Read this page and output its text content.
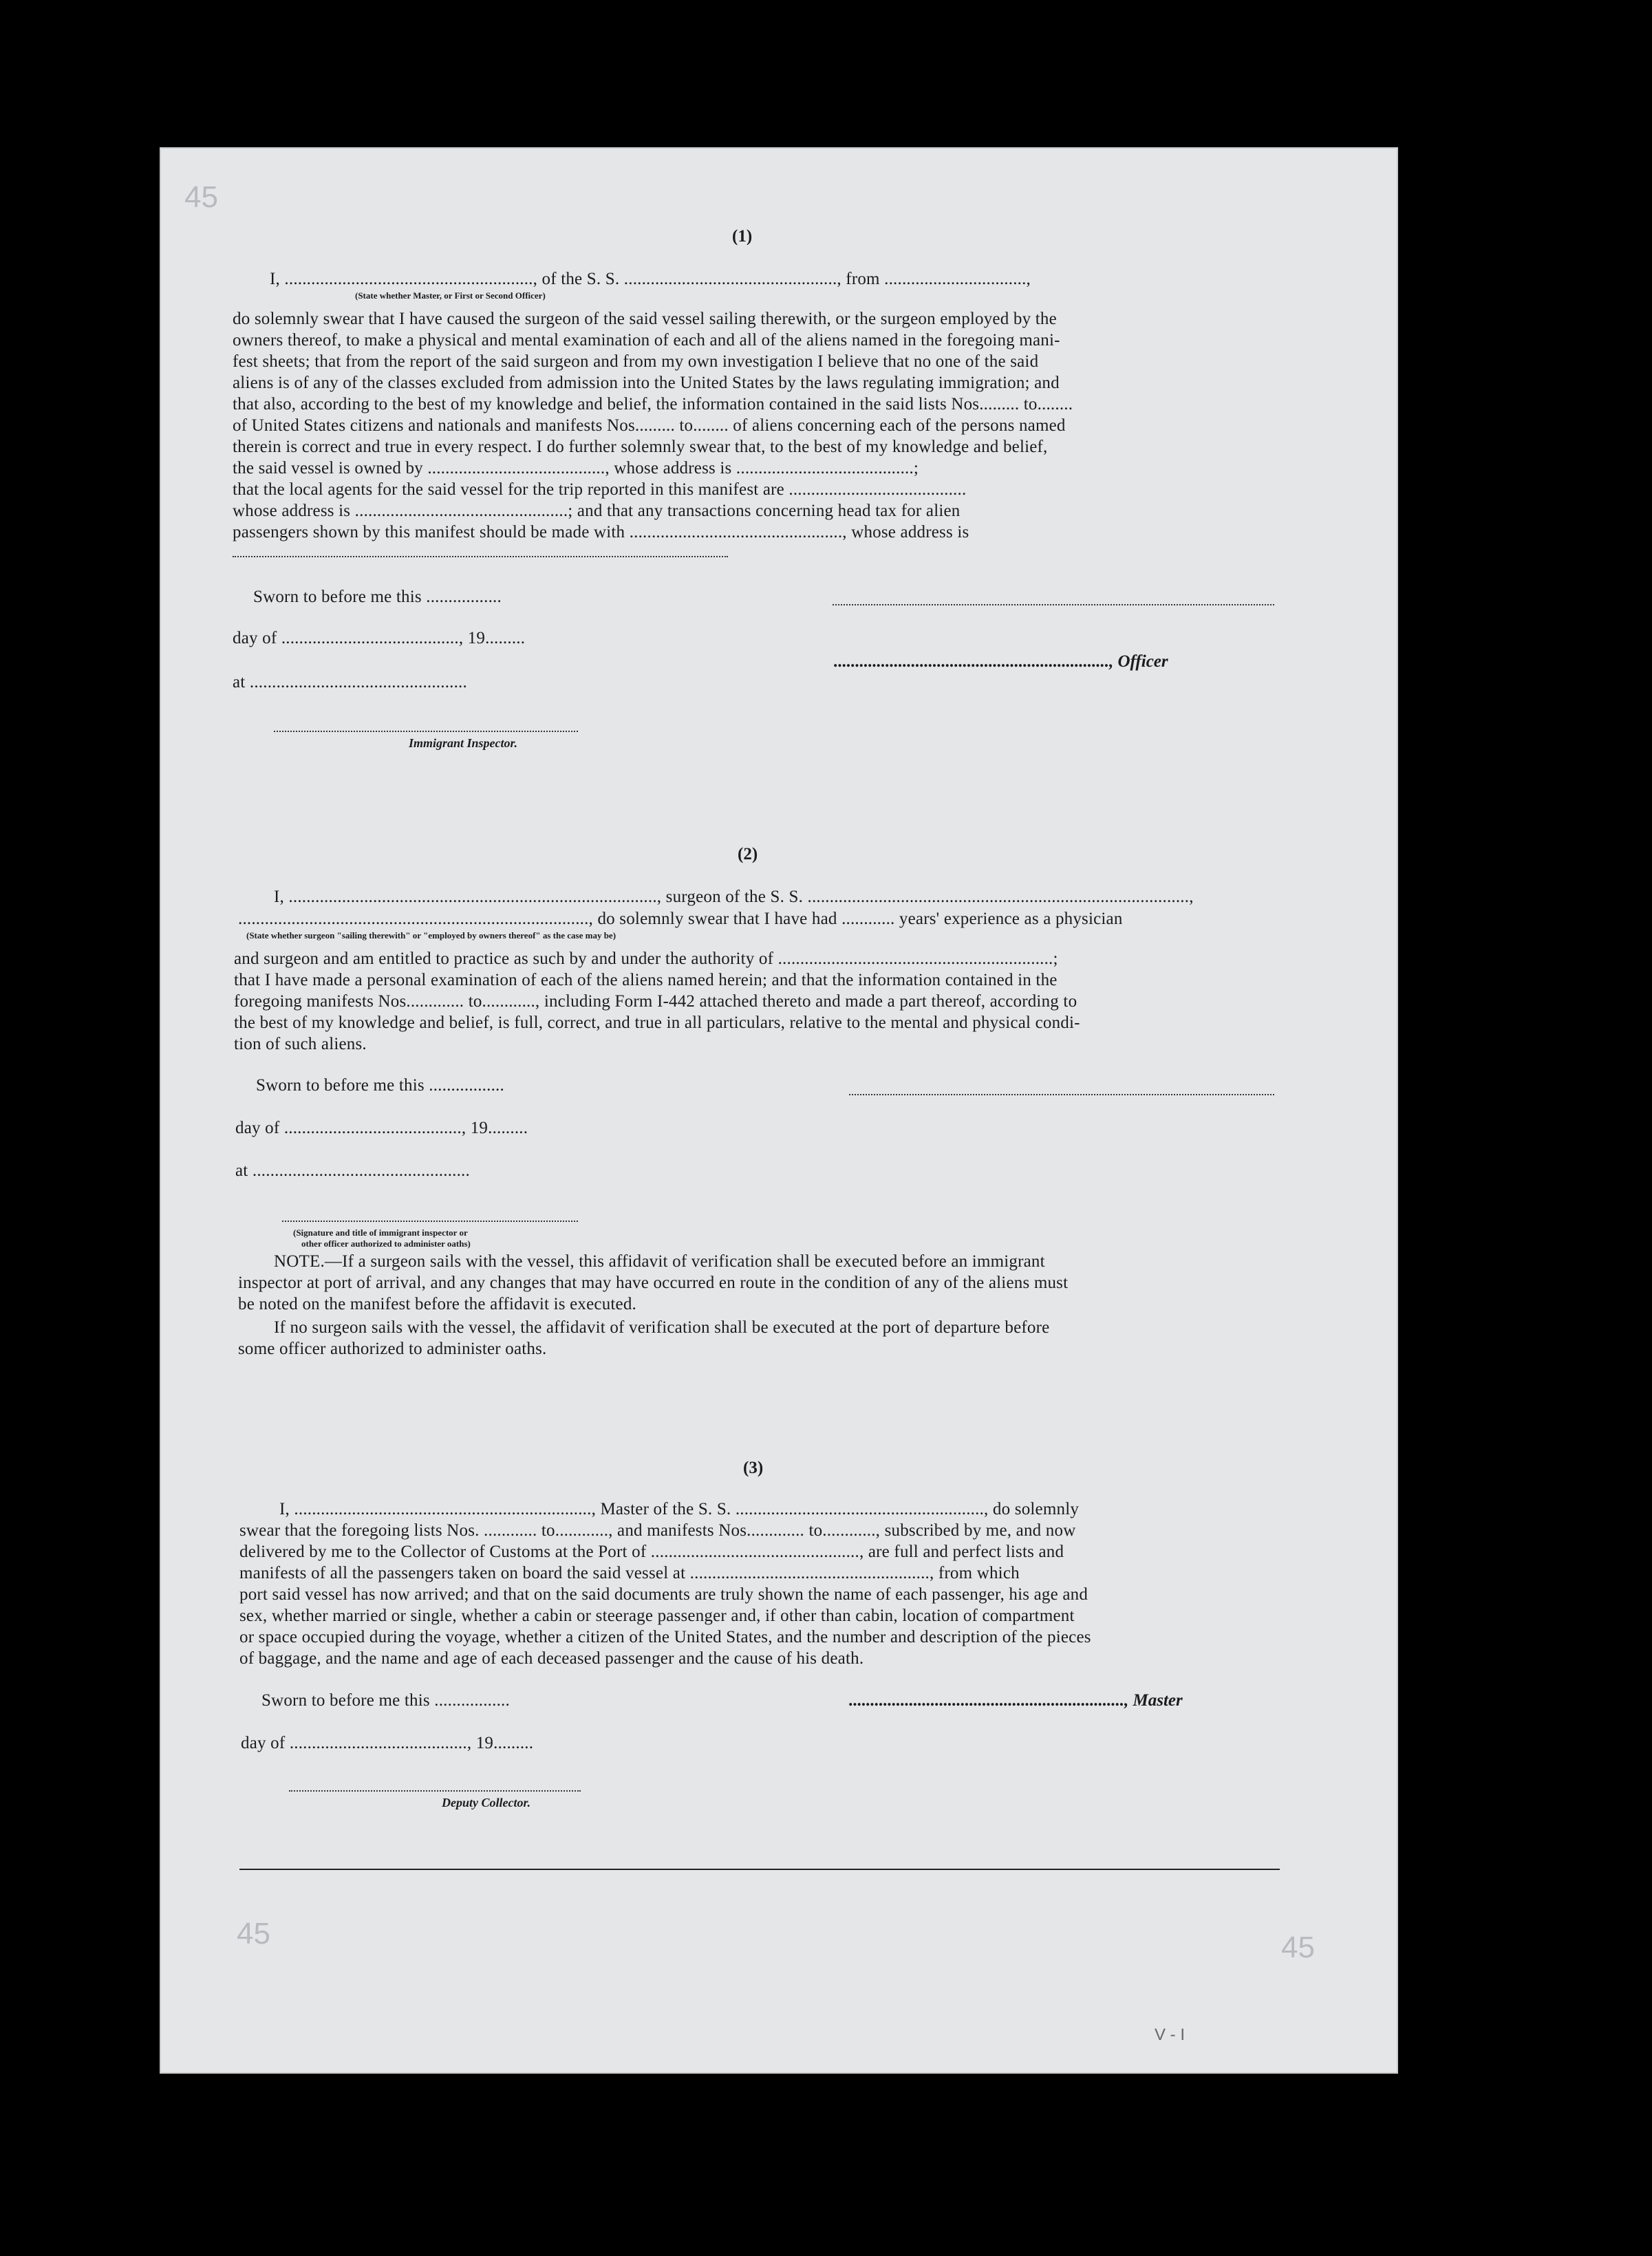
45
45	45
V - I
(1)
I, ........................................................, of the S. S. ................................................, from ................................,
(State whether Master, or First or Second Officer)
do solemnly swear that I have caused the surgeon of the said vessel sailing therewith, or the surgeon employed by the
owners thereof, to make a physical and mental examination of each and all of the aliens named in the foregoing mani-
fest sheets; that from the report of the said surgeon and from my own investigation I believe that no one of the said
aliens is of any of the classes excluded from admission into the United States by the laws regulating immigration; and
that also, according to the best of my knowledge and belief, the information contained in the said lists Nos......... to........
of United States citizens and nationals and manifests Nos......... to........ of aliens concerning each of the persons named
therein is correct and true in every respect. I do further solemnly swear that, to the best of my knowledge and belief,
the said vessel is owned by ........................................, whose address is ........................................;
that the local agents for the said vessel for the trip reported in this manifest are ........................................
whose address is ................................................; and that any transactions concerning head tax for alien
passengers shown by this manifest should be made with ................................................, whose address is
Sworn to before me this .................
day of ........................................, 19.........
................................................................, Officer
at .................................................
Immigrant Inspector.
(2)
I, ..................................................................................., surgeon of the S. S. ......................................................................................,
..............................................................................., do solemnly swear that I have had ............ years' experience as a physician
(State whether surgeon "sailing therewith" or "employed by owners thereof" as the case may be)
and surgeon and am entitled to practice as such by and under the authority of ..............................................................;
that I have made a personal examination of each of the aliens named herein; and that the information contained in the
foregoing manifests Nos............. to............, including Form I-442 attached thereto and made a part thereof, according to
the best of my knowledge and belief, is full, correct, and true in all particulars, relative to the mental and physical condi-
tion of such aliens.
Sworn to before me this .................
day of ........................................, 19.........
at .................................................
(Signature and title of immigrant inspector or
other officer authorized to administer oaths)
NOTE.—If a surgeon sails with the vessel, this affidavit of verification shall be executed before an immigrant
inspector at port of arrival, and any changes that may have occurred en route in the condition of any of the aliens must
be noted on the manifest before the affidavit is executed.
If no surgeon sails with the vessel, the affidavit of verification shall be executed at the port of departure before
some officer authorized to administer oaths.
(3)
I, ..................................................................., Master of the S. S. ........................................................, do solemnly
swear that the foregoing lists Nos. ............ to............, and manifests Nos............. to............, subscribed by me, and now
delivered by me to the Collector of Customs at the Port of ..............................................., are full and perfect lists and
manifests of all the passengers taken on board the said vessel at ......................................................, from which
port said vessel has now arrived; and that on the said documents are truly shown the name of each passenger, his age and
sex, whether married or single, whether a cabin or steerage passenger and, if other than cabin, location of compartment
or space occupied during the voyage, whether a citizen of the United States, and the number and description of the pieces
of baggage, and the name and age of each deceased passenger and the cause of his death.
Sworn to before me this .................	................................................................, Master
day of ........................................, 19.........
Deputy Collector.
